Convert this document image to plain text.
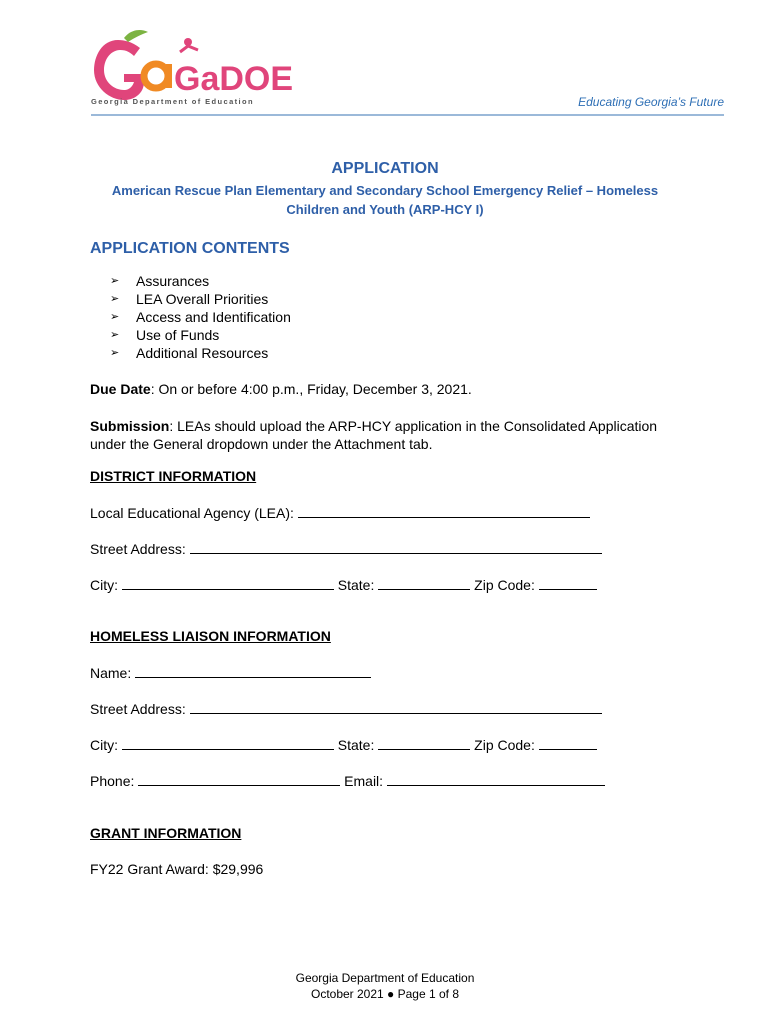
GaDOE
Georgia Department of Education	Educating Georgia’s Future
APPLICATION
American Rescue Plan Elementary and Secondary School Emergency Relief – Homeless Children and Youth (ARP-HCY I)
APPLICATION CONTENTS
➢	Assurances
➢	LEA Overall Priorities
➢	Access and Identification
➢	Use of Funds
➢	Additional Resources
Due Date: On or before 4:00 p.m., Friday, December 3, 2021.
Submission: LEAs should upload the ARP-HCY application in the Consolidated Application under the General dropdown under the Attachment tab.
DISTRICT INFORMATION
Local Educational Agency (LEA):
Street Address:
City:	State:	Zip Code:
HOMELESS LIAISON INFORMATION
Name:
Street Address:
City:	State:	Zip Code:
Phone:	Email:
GRANT INFORMATION
FY22 Grant Award: $29,996
Georgia Department of Education
October 2021 ● Page 1 of 8
